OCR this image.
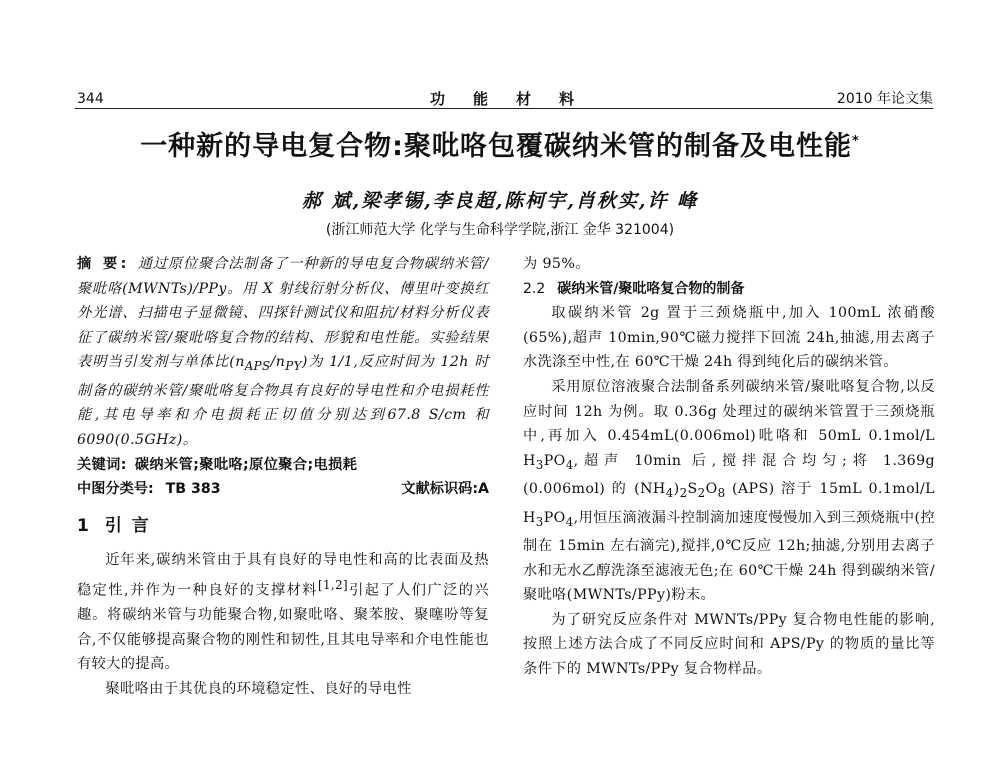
344	功能材料	2010 年论文集
一种新的导电复合物:聚吡咯包覆碳纳米管的制备及电性能*
郝 斌,梁孝锡,李良超,陈柯宇,肖秋实,许 峰
(浙江师范大学 化学与生命科学学院,浙江 金华 321004)

摘 要: 通过原位聚合法制备了一种新的导电复合物碳纳米管/聚吡咯(MWNTs)/PPy。用 X 射线衍射分析仪、傅里叶变换红外光谱、扫描电子显微镜、四探针测试仪和阻抗/材料分析仪表征了碳纳米管/聚吡咯复合物的结构、形貌和电性能。实验结果表明当引发剂与单体比$(n_{APS}/n_{PY})$为 1/1,反应时间为 12h 时制备的碳纳米管/聚吡咯复合物具有良好的导电性和介电损耗性能,其电导率和介电损耗正切值分别达到67.8 S/cm 和 6090(0.5GHz)。

关键词: 碳纳米管;聚吡咯;原位聚合;电损耗

中图分类号: TB 383	文献标识码:A
1 引 言

近年来,碳纳米管由于具有良好的导电性和高的比表面及热稳定性,并作为一种良好的支撑材料[1,2]引起了人们广泛的兴趣。将碳纳米管与功能聚合物,如聚吡咯、聚苯胺、聚噻吩等复合,不仅能够提高聚合物的刚性和韧性,且其电导率和介电性能也有较大的提高。

聚吡咯由于其优良的环境稳定性、良好的导电性

为 95%。

2.2 碳纳米管/聚吡咯复合物的制备

取碳纳米管 2g 置于三颈烧瓶中,加入 100mL 浓硝酸(65%),超声 10min,90℃磁力搅拌下回流 24h,抽滤,用去离子水洗涤至中性,在 60℃干燥 24h 得到纯化后的碳纳米管。

采用原位溶液聚合法制备系列碳纳米管/聚吡咯复合物,以反应时间 12h 为例。取 0.36g 处理过的碳纳米管置于三颈烧瓶中,再加入 0.454mL(0.006mol)吡咯和 50mL 0.1mol/L $H_3PO_4$,超声 10min 后,搅拌混合均匀;将 1.369g (0.006mol) 的 $(NH_4)_2S_2O_8$ (APS) 溶于 15mL 0.1mol/L $H_3PO_4$,用恒压滴液漏斗控制滴加速度慢慢加入到三颈烧瓶中(控制在 15min 左右滴完),搅拌,0℃反应 12h;抽滤,分别用去离子水和无水乙醇洗涤至滤液无色;在 60℃干燥 24h 得到碳纳米管/聚吡咯(MWNTs/PPy)粉末。

为了研究反应条件对 MWNTs/PPy 复合物电性能的影响,按照上述方法合成了不同反应时间和 APS/Py 的物质的量比等条件下的 MWNTs/PPy 复合物样品。
